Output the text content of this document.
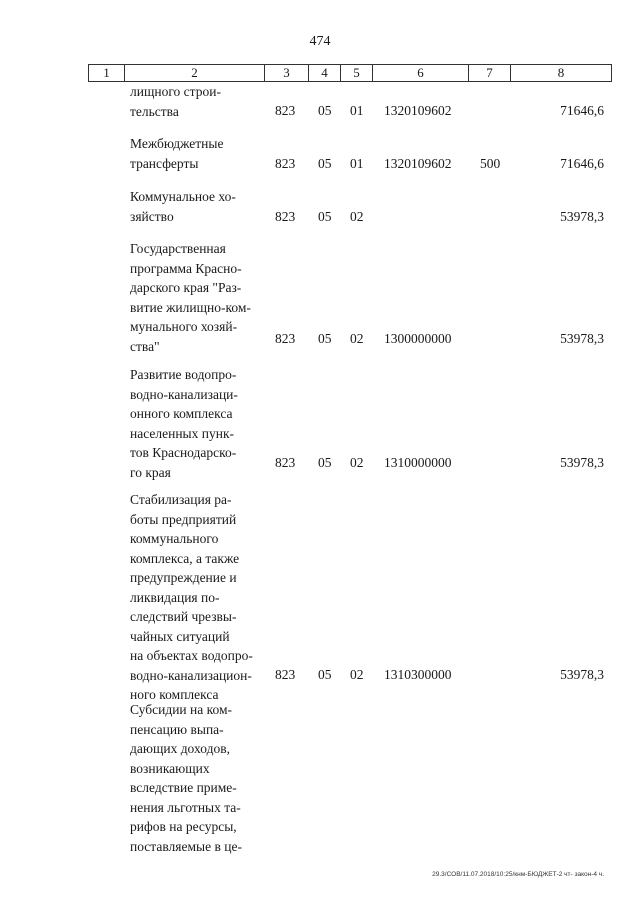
474
1	2	3	4	5	6	7	8
лищного строи-
тельства	823 05 01 1320109602	71646,6
Межбюджетные
трансферты	823 05 01 1320109602 500	71646,6
Коммунальное хо-
зяйство	823 05 02	53978,3
Государственная
программа Красно-
дарского края "Раз-
витие жилищно-ком-
мунального хозяй-
ства"	823 05 02 1300000000	53978,3
Развитие водопро-
водно-канализаци-
онного комплекса
населенных пунк-
тов Краснодарско-
го края
823 05 02 1310000000	53978,3
Стабилизация ра-
боты предприятий
коммунального
комплекса, а также
предупреждение и
ликвидация по-
следствий чрезвы-
чайных ситуаций
на объектах водопро-
водно-канализацион-
ного комплекса
823 05 02 1310300000	53978,3
Субсидии на ком-
пенсацию выпа-
дающих доходов,
возникающих
вследствие приме-
нения льготных та-
рифов на ресурсы,
поставляемые в це-
29.3/СОВ/11.07.2018/10:25/кнм-БЮДЖЕТ-2 чт- закон-4 ч.
